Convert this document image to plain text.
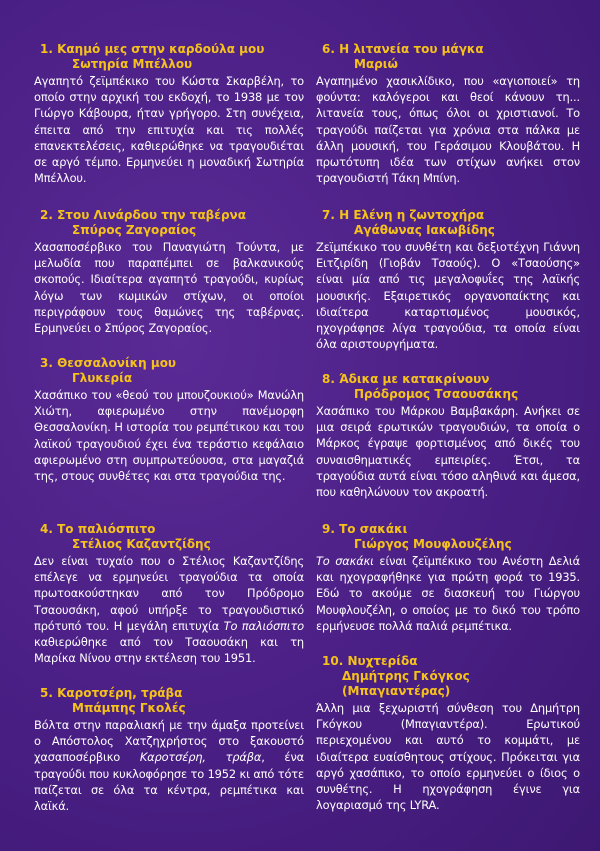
1. Καημό μες στην καρδούλα μου
Σωτηρία Μπέλλου
Αγαπητό ζεϊμπέκικο του Κώστα Σκαρβέλη, το οποίο στην αρχική του εκδοχή, το 1938 με τον Γιώργο Κάβουρα, ήταν γρήγορο. Στη συνέχεια, έπειτα από την επιτυχία και τις πολλές επανεκτελέσεις, καθιερώθηκε να τραγουδιέται σε αργό τέμπο. Ερμηνεύει η μοναδική Σωτηρία Μπέλλου.
2. Στου Λινάρδου την ταβέρνα
Σπύρος Ζαγοραίος
Χασαποσέρβικο του Παναγιώτη Τούντα, με μελωδία που παραπέμπει σε βαλκανικούς σκοπούς. Ιδιαίτερα αγαπητό τραγούδι, κυρίως λόγω των κωμικών στίχων, οι οποίοι περιγράφουν τους θαμώνες της ταβέρνας. Ερμηνεύει ο Σπύρος Ζαγοραίος.
3. Θεσσαλονίκη μου
Γλυκερία
Χασάπικο του «θεού του μπουζουκιού» Μανώλη Χιώτη, αφιερωμένο στην πανέμορφη Θεσσαλονίκη. Η ιστορία του ρεμπέτικου και του λαϊκού τραγουδιού έχει ένα τεράστιο κεφάλαιο αφιερωμένο στη συμπρωτεύουσα, στα μαγαζιά της, στους συνθέτες και στα τραγούδια της.
4. Το παλιόσπιτο
Στέλιος Καζαντζίδης
Δεν είναι τυχαίο που ο Στέλιος Καζαντζίδης επέλεγε να ερμηνεύει τραγούδια τα οποία πρωτοακούστηκαν από τον Πρόδρομο Τσαουσάκη, αφού υπήρξε το τραγουδιστικό πρότυπό του. Η μεγάλη επιτυχία Το παλιόσπιτο καθιερώθηκε από τον Τσαουσάκη και τη Μαρίκα Νίνου στην εκτέλεση του 1951.
5. Καροτσέρη, τράβα
Μπάμπης Γκολές
Βόλτα στην παραλιακή με την άμαξα προτείνει ο Απόστολος Χατζηχρήστος στο ξακουστό χασαποσέρβικο Καροτσέρη, τράβα, ένα τραγούδι που κυκλοφόρησε το 1952 κι από τότε παίζεται σε όλα τα κέντρα, ρεμπέτικα και λαϊκά.
6. Η λιτανεία του μάγκα
Μαριώ
Αγαπημένο χασικλίδικο, που «αγιοποιεί» τη φούντα: καλόγεροι και θεοί κάνουν τη... λιτανεία τους, όπως όλοι οι χριστιανοί. Το τραγούδι παίζεται για χρόνια στα πάλκα με άλλη μουσική, του Γεράσιμου Κλουβάτου. Η πρωτότυπη ιδέα των στίχων ανήκει στον τραγουδιστή Τάκη Μπίνη.
7. Η Ελένη η ζωντοχήρα
Αγάθωνας Ιακωβίδης
Ζεϊμπέκικο του συνθέτη και δεξιοτέχνη Γιάννη Ειτζιρίδη (Γιοβάν Τσαούς). Ο «Τσαούσης» είναι μία από τις μεγαλοφυΐες της λαϊκής μουσικής. Εξαιρετικός οργανοπαίκτης και ιδιαίτερα καταρτισμένος μουσικός, ηχογράφησε λίγα τραγούδια, τα οποία είναι όλα αριστουργήματα.
8. Άδικα με κατακρίνουν
Πρόδρομος Τσαουσάκης
Χασάπικο του Μάρκου Βαμβακάρη. Ανήκει σε μια σειρά ερωτικών τραγουδιών, τα οποία ο Μάρκος έγραψε φορτισμένος από δικές του συναισθηματικές εμπειρίες. Έτσι, τα τραγούδια αυτά είναι τόσο αληθινά και άμεσα, που καθηλώνουν τον ακροατή.
9. Το σακάκι
Γιώργος Μουφλουζέλης
Το σακάκι είναι ζεϊμπέκικο του Ανέστη Δελιά και ηχογραφήθηκε για πρώτη φορά το 1935. Εδώ το ακούμε σε διασκευή του Γιώργου Μουφλουζέλη, ο οποίος με το δικό του τρόπο ερμήνευσε πολλά παλιά ρεμπέτικα.
10. Νυχτερίδα
Δημήτρης Γκόγκος (Μπαγιαντέρας)
Άλλη μια ξεχωριστή σύνθεση του Δημήτρη Γκόγκου (Μπαγιαντέρα). Ερωτικού περιεχομένου και αυτό το κομμάτι, με ιδιαίτερα ευαίσθητους στίχους. Πρόκειται για αργό χασάπικο, το οποίο ερμηνεύει ο ίδιος ο συνθέτης. Η ηχογράφηση έγινε για λογαριασμό της LYRA.
